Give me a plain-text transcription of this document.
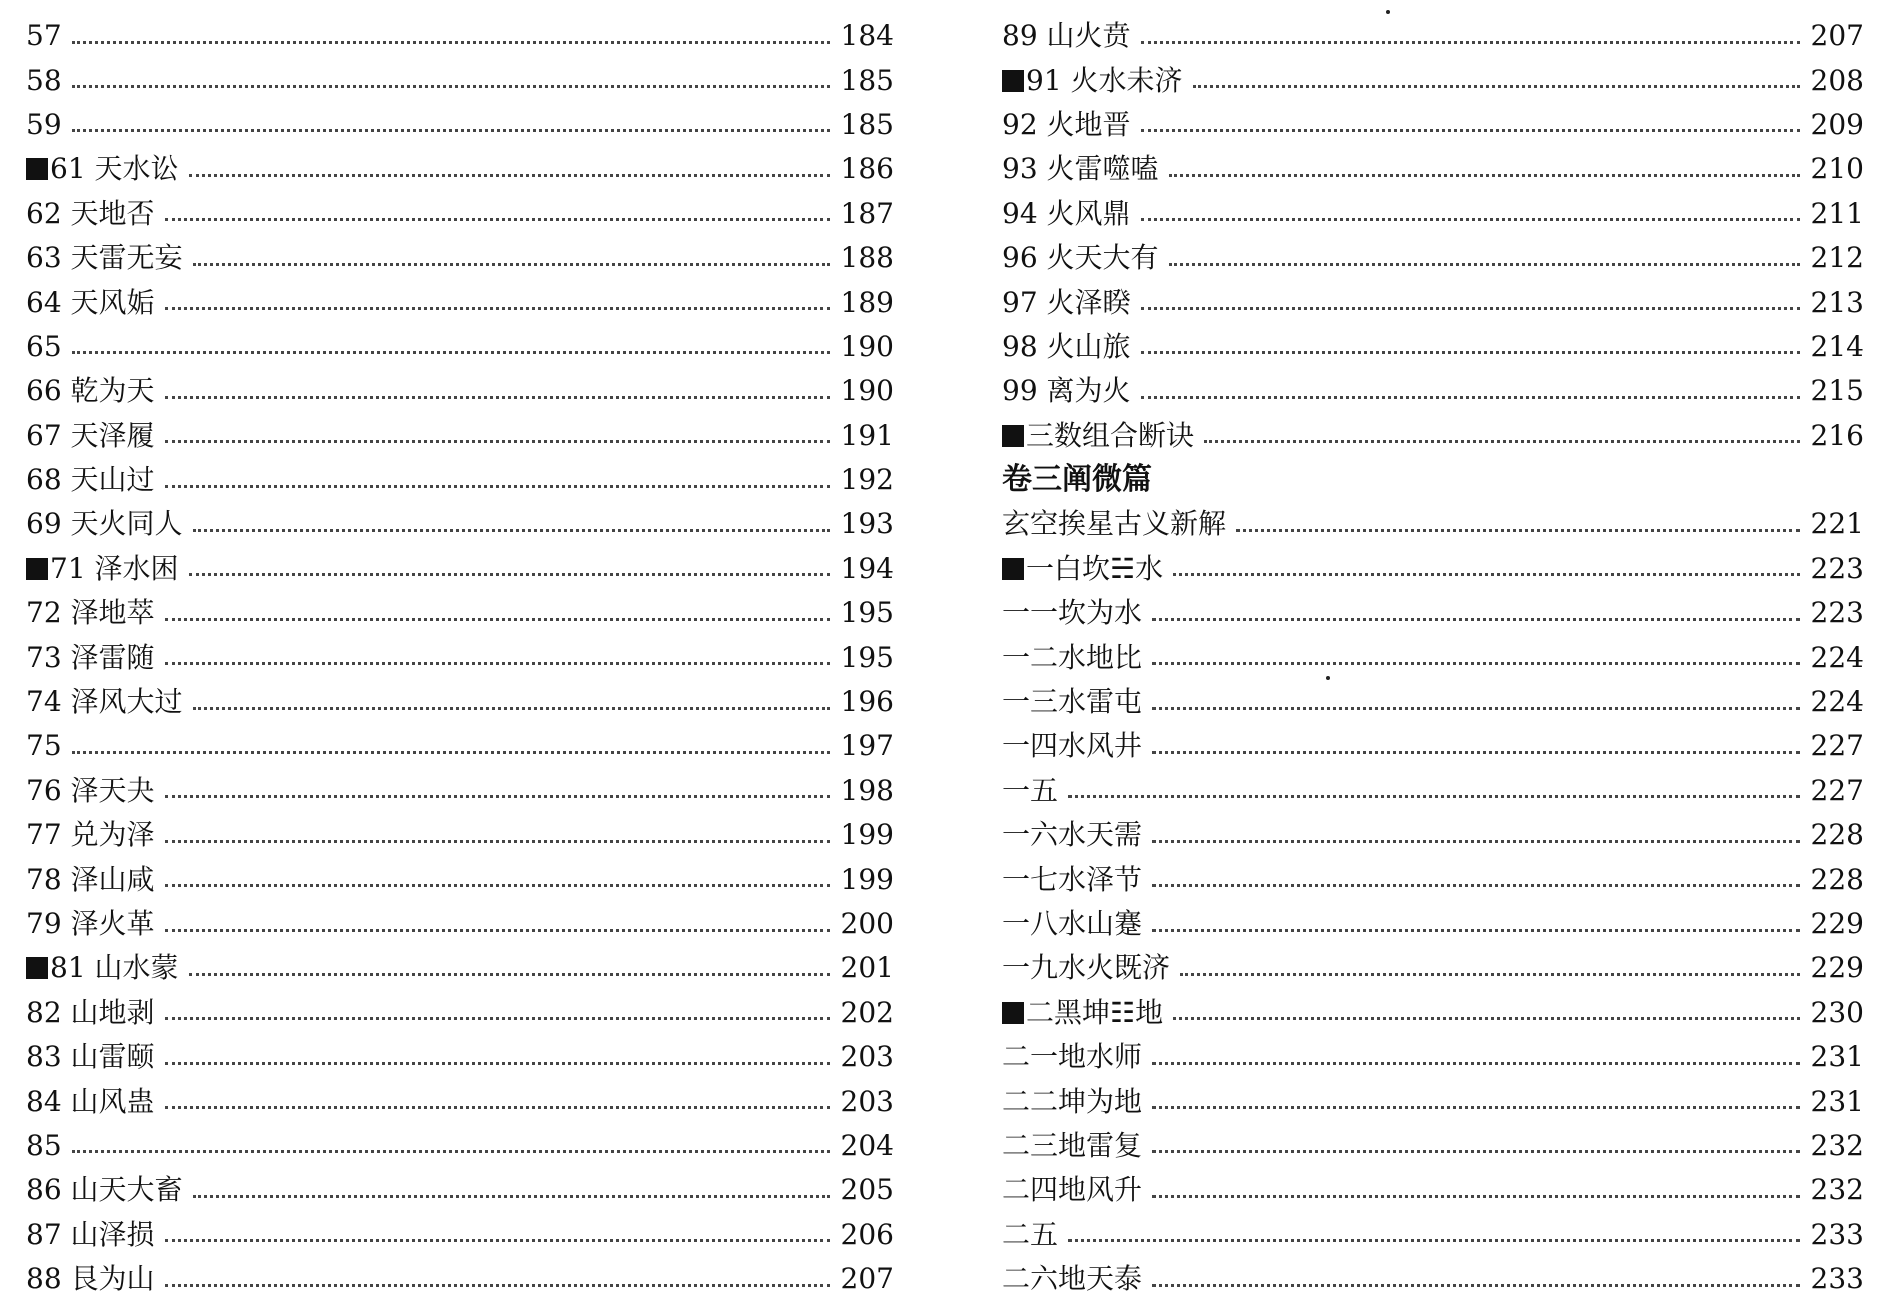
57	184
58	185
59	185
61 天水讼	186
62 天地否	187
63 天雷无妄	188
64 天风姤	189
65	190
66 乾为天	190
67 天泽履	191
68 天山过	192
69 天火同人	193
71 泽水困	194
72 泽地萃	195
73 泽雷随	195
74 泽风大过	196
75	197
76 泽天夬	198
77 兑为泽	199
78 泽山咸	199
79 泽火革	200
81 山水蒙	201
82 山地剥	202
83 山雷颐	203
84 山风蛊	203
85	204
86 山天大畜	205
87 山泽损	206
88 艮为山	207
89 山火贲	207
91 火水未济	208
92 火地晋	209
93 火雷噬嗑	210
94 火风鼎	211
96 火天大有	212
97 火泽睽	213
98 火山旅	214
99 离为火	215
三数组合断诀	216
卷三阐微篇
玄空挨星古义新解	221
一白坎☵水	223
一一坎为水	223
一二水地比	224
一三水雷屯	224
一四水风井	227
一五	227
一六水天需	228
一七水泽节	228
一八水山蹇	229
一九水火既济	229
二黑坤☷地	230
二一地水师	231
二二坤为地	231
二三地雷复	232
二四地风升	232
二五	233
二六地天泰	233
